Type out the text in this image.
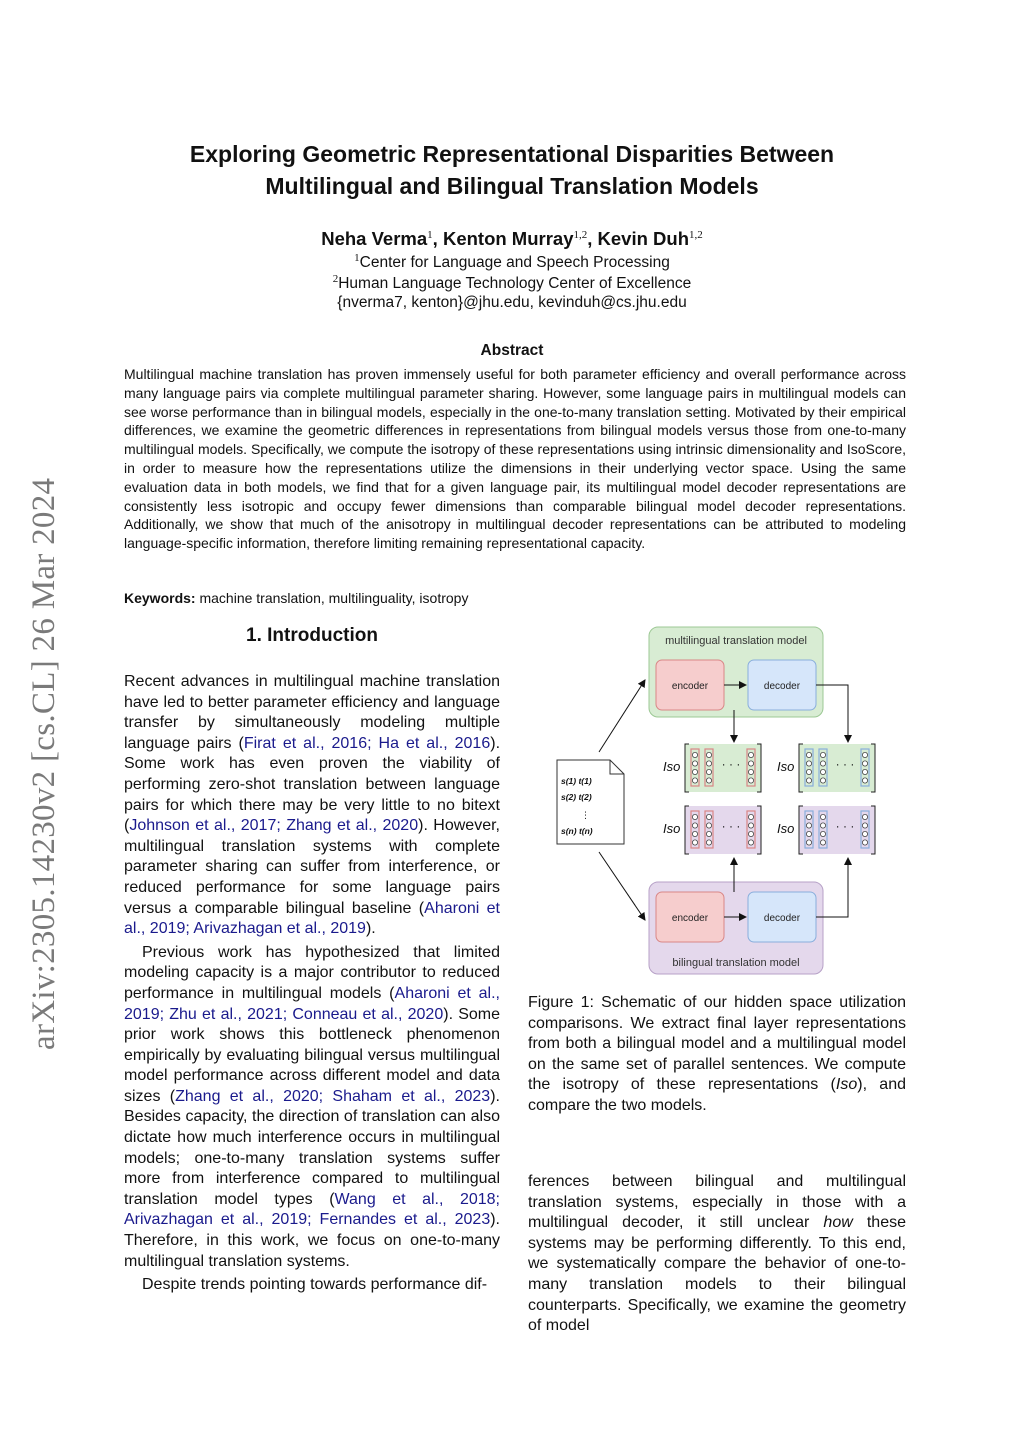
arXiv:2305.14230v2 [cs.CL] 26 Mar 2024
Exploring Geometric Representational Disparities Between
Multilingual and Bilingual Translation Models
Neha Verma$^1$, Kenton Murray$^{1,2}$, Kevin Duh$^{1,2}$
$^1$Center for Language and Speech Processing
$^2$Human Language Technology Center of Excellence
{nverma7, kenton}@jhu.edu, kevinduh@cs.jhu.edu
Abstract
Multilingual machine translation has proven immensely useful for both parameter efficiency and overall performance across many language pairs via complete multilingual parameter sharing. However, some language pairs in multilingual models can see worse performance than in bilingual models, especially in the one-to-many translation setting. Motivated by their empirical differences, we examine the geometric differences in representations from bilingual models versus those from one-to-many multilingual models. Specifically, we compute the isotropy of these representations using intrinsic dimensionality and IsoScore, in order to measure how the representations utilize the dimensions in their underlying vector space. Using the same evaluation data in both models, we find that for a given language pair, its multilingual model decoder representations are consistently less isotropic and occupy fewer dimensions than comparable bilingual model decoder representations. Additionally, we show that much of the anisotropy in multilingual decoder representations can be attributed to modeling language-specific information, therefore limiting remaining representational capacity.
Keywords: machine translation, multilinguality, isotropy
1. Introduction

Recent advances in multilingual machine translation have led to better parameter efficiency and language transfer by simultaneously modeling multiple language pairs (Firat et al., 2016; Ha et al., 2016). Some work has even proven the viability of performing zero-shot translation between language pairs for which there may be very little to no bitext (Johnson et al., 2017; Zhang et al., 2020). However, multilingual translation systems with complete parameter sharing can suffer from interference, or reduced performance for some language pairs versus a comparable bilingual baseline (Aharoni et al., 2019; Arivazhagan et al., 2019).

Previous work has hypothesized that limited modeling capacity is a major contributor to reduced performance in multilingual models (Aharoni et al., 2019; Zhu et al., 2021; Conneau et al., 2020). Some prior work shows this bottleneck phenomenon empirically by evaluating bilingual versus multilingual model performance across different model and data sizes (Zhang et al., 2020; Shaham et al., 2023). Besides capacity, the direction of translation can also dictate how much interference occurs in multilingual models; one-to-many translation systems suffer more from interference compared to multilingual translation model types (Wang et al., 2018; Arivazhagan et al., 2019; Fernandes et al., 2023). Therefore, in this work, we focus on one-to-many multilingual translation systems.

Despite trends pointing towards performance dif-

multilingual translation model
encoder	decoder
encoder	decoder
bilingual translation model
s(1) t(1)
s(2) t(2)
⋮
s(n) t(n)
Iso	· · ·	Iso	· · ·
Iso	· · ·	Iso	· · ·
Figure 1: Schematic of our hidden space utilization comparisons. We extract final layer representations from both a bilingual model and a multilingual model on the same set of parallel sentences. We compute the isotropy of these representations (Iso), and compare the two models.

ferences between bilingual and multilingual translation systems, especially in those with a multilingual decoder, it still unclear how these systems may be performing differently. To this end, we systematically compare the behavior of one-to-many translation models to their bilingual counterparts. Specifically, we examine the geometry of model
